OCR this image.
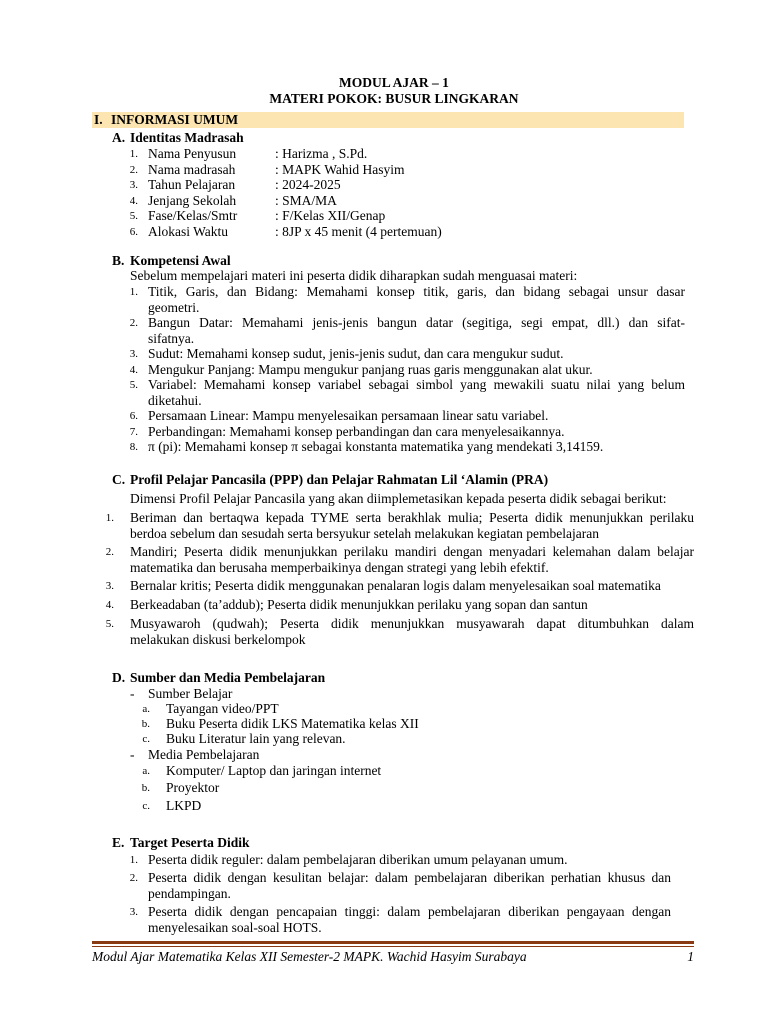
MODUL AJAR – 1
MATERI POKOK: BUSUR LINGKARAN
I. INFORMASI UMUM
A. Identitas Madrasah
1. Nama Penyusun	: Harizma , S.Pd.
2. Nama madrasah	: MAPK Wahid Hasyim
3. Tahun Pelajaran	: 2024-2025
4. Jenjang Sekolah	: SMA/MA
5. Fase/Kelas/Smtr	: F/Kelas XII/Genap
6. Alokasi Waktu	: 8JP x 45 menit (4 pertemuan)
B. Kompetensi Awal
Sebelum mempelajari materi ini peserta didik diharapkan sudah menguasai materi:
1. Titik, Garis, dan Bidang: Memahami konsep titik, garis, dan bidang sebagai unsur dasar
geometri.
2. Bangun Datar: Memahami jenis-jenis bangun datar (segitiga, segi empat, dll.) dan sifat-
sifatnya.
3. Sudut: Memahami konsep sudut, jenis-jenis sudut, dan cara mengukur sudut.
4. Mengukur Panjang: Mampu mengukur panjang ruas garis menggunakan alat ukur.
5. Variabel: Memahami konsep variabel sebagai simbol yang mewakili suatu nilai yang belum
diketahui.
6. Persamaan Linear: Mampu menyelesaikan persamaan linear satu variabel.
7. Perbandingan: Memahami konsep perbandingan dan cara menyelesaikannya.
8. π (pi): Memahami konsep π sebagai konstanta matematika yang mendekati 3,14159.
C. Profil Pelajar Pancasila (PPP) dan Pelajar Rahmatan Lil ‘Alamin (PRA)
Dimensi Profil Pelajar Pancasila yang akan diimplemetasikan kepada peserta didik sebagai berikut:
1. Beriman dan bertaqwa kepada TYME serta berakhlak mulia; Peserta didik menunjukkan perilaku
berdoa sebelum dan sesudah serta bersyukur setelah melakukan kegiatan pembelajaran
2. Mandiri; Peserta didik menunjukkan perilaku mandiri dengan menyadari kelemahan dalam belajar
matematika dan berusaha memperbaikinya dengan strategi yang lebih efektif.
3. Bernalar kritis; Peserta didik menggunakan penalaran logis dalam menyelesaikan soal matematika
4. Berkeadaban (ta’addub); Peserta didik menunjukkan perilaku yang sopan dan santun
5. Musyawaroh (qudwah); Peserta didik menunjukkan musyawarah dapat ditumbuhkan dalam
melakukan diskusi berkelompok
D. Sumber dan Media Pembelajaran
- Sumber Belajar
a. Tayangan video/PPT
b. Buku Peserta didik LKS Matematika kelas XII
c. Buku Literatur lain yang relevan.
- Media Pembelajaran
a. Komputer/ Laptop dan jaringan internet
b. Proyektor
c. LKPD
E. Target Peserta Didik
1. Peserta didik reguler: dalam pembelajaran diberikan umum pelayanan umum.
2. Peserta didik dengan kesulitan belajar: dalam pembelajaran diberikan perhatian khusus dan
pendampingan.
3. Peserta didik dengan pencapaian tinggi: dalam pembelajaran diberikan pengayaan dengan
menyelesaikan soal-soal HOTS.
Modul Ajar Matematika Kelas XII Semester-2 MAPK. Wachid Hasyim Surabaya	1
